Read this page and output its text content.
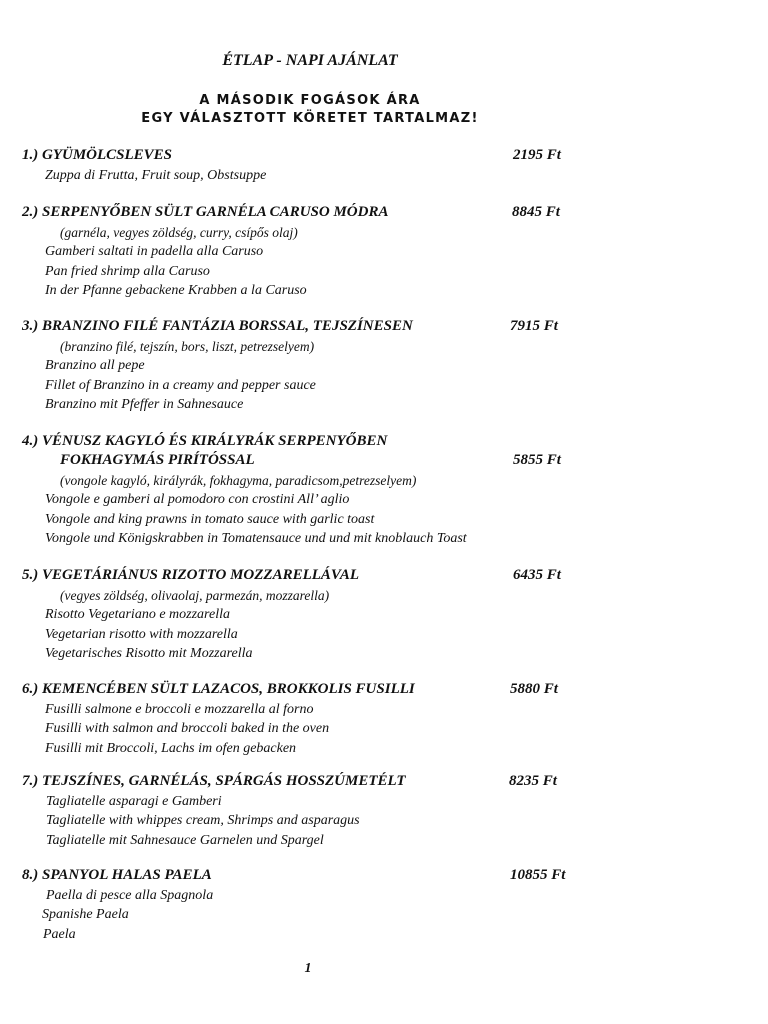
ÉTLAP - NAPI AJÁNLAT
A MÁSODIK FOGÁSOK ÁRA
EGY VÁLASZTOTT KÖRETET TARTALMAZ!
1.) GYÜMÖLCSLEVES	2195 Ft
Zuppa di Frutta, Fruit soup, Obstsuppe
2.) SERPENYŐBEN SÜLT GARNÉLA CARUSO MÓDRA	8845 Ft
(garnéla, vegyes zöldség, curry, csípős olaj)
Gamberi saltati in padella alla Caruso
Pan fried shrimp alla Caruso
In der Pfanne gebackene Krabben a la Caruso
3.) BRANZINO FILÉ FANTÁZIA BORSSAL, TEJSZÍNESEN	7915 Ft
(branzino filé, tejszín, bors, liszt, petrezselyem)
Branzino all pepe
Fillet of Branzino in a creamy and pepper sauce
Branzino mit Pfeffer in Sahnesauce
4.) VÉNUSZ KAGYLÓ ÉS KIRÁLYRÁK SERPENYŐBEN
FOKHAGYMÁS PIRÍTÓSSAL	5855 Ft
(vongole kagyló, királyrák, fokhagyma, paradicsom,petrezselyem)
Vongole e gamberi al pomodoro con crostini All’ aglio
Vongole and king prawns in tomato sauce with garlic toast
Vongole und Königskrabben in Tomatensauce und und mit knoblauch Toast
5.) VEGETÁRIÁNUS RIZOTTO MOZZARELLÁVAL	6435 Ft
(vegyes zöldség, olivaolaj, parmezán, mozzarella)
Risotto Vegetariano e mozzarella
Vegetarian risotto with mozzarella
Vegetarisches Risotto mit Mozzarella
6.) KEMENCÉBEN SÜLT LAZACOS, BROKKOLIS FUSILLI	5880 Ft
Fusilli salmone e broccoli e mozzarella al forno
Fusilli with salmon and broccoli baked in the oven
Fusilli mit Broccoli, Lachs im ofen gebacken
7.) TEJSZÍNES, GARNÉLÁS, SPÁRGÁS HOSSZÚMETÉLT	8235 Ft
Tagliatelle asparagi e Gamberi
Tagliatelle with whippes cream, Shrimps and asparagus
Tagliatelle mit Sahnesauce Garnelen und Spargel
8.) SPANYOL HALAS PAELA	10855 Ft
Paella di pesce alla Spagnola
Spanishe Paela
Paela
1
